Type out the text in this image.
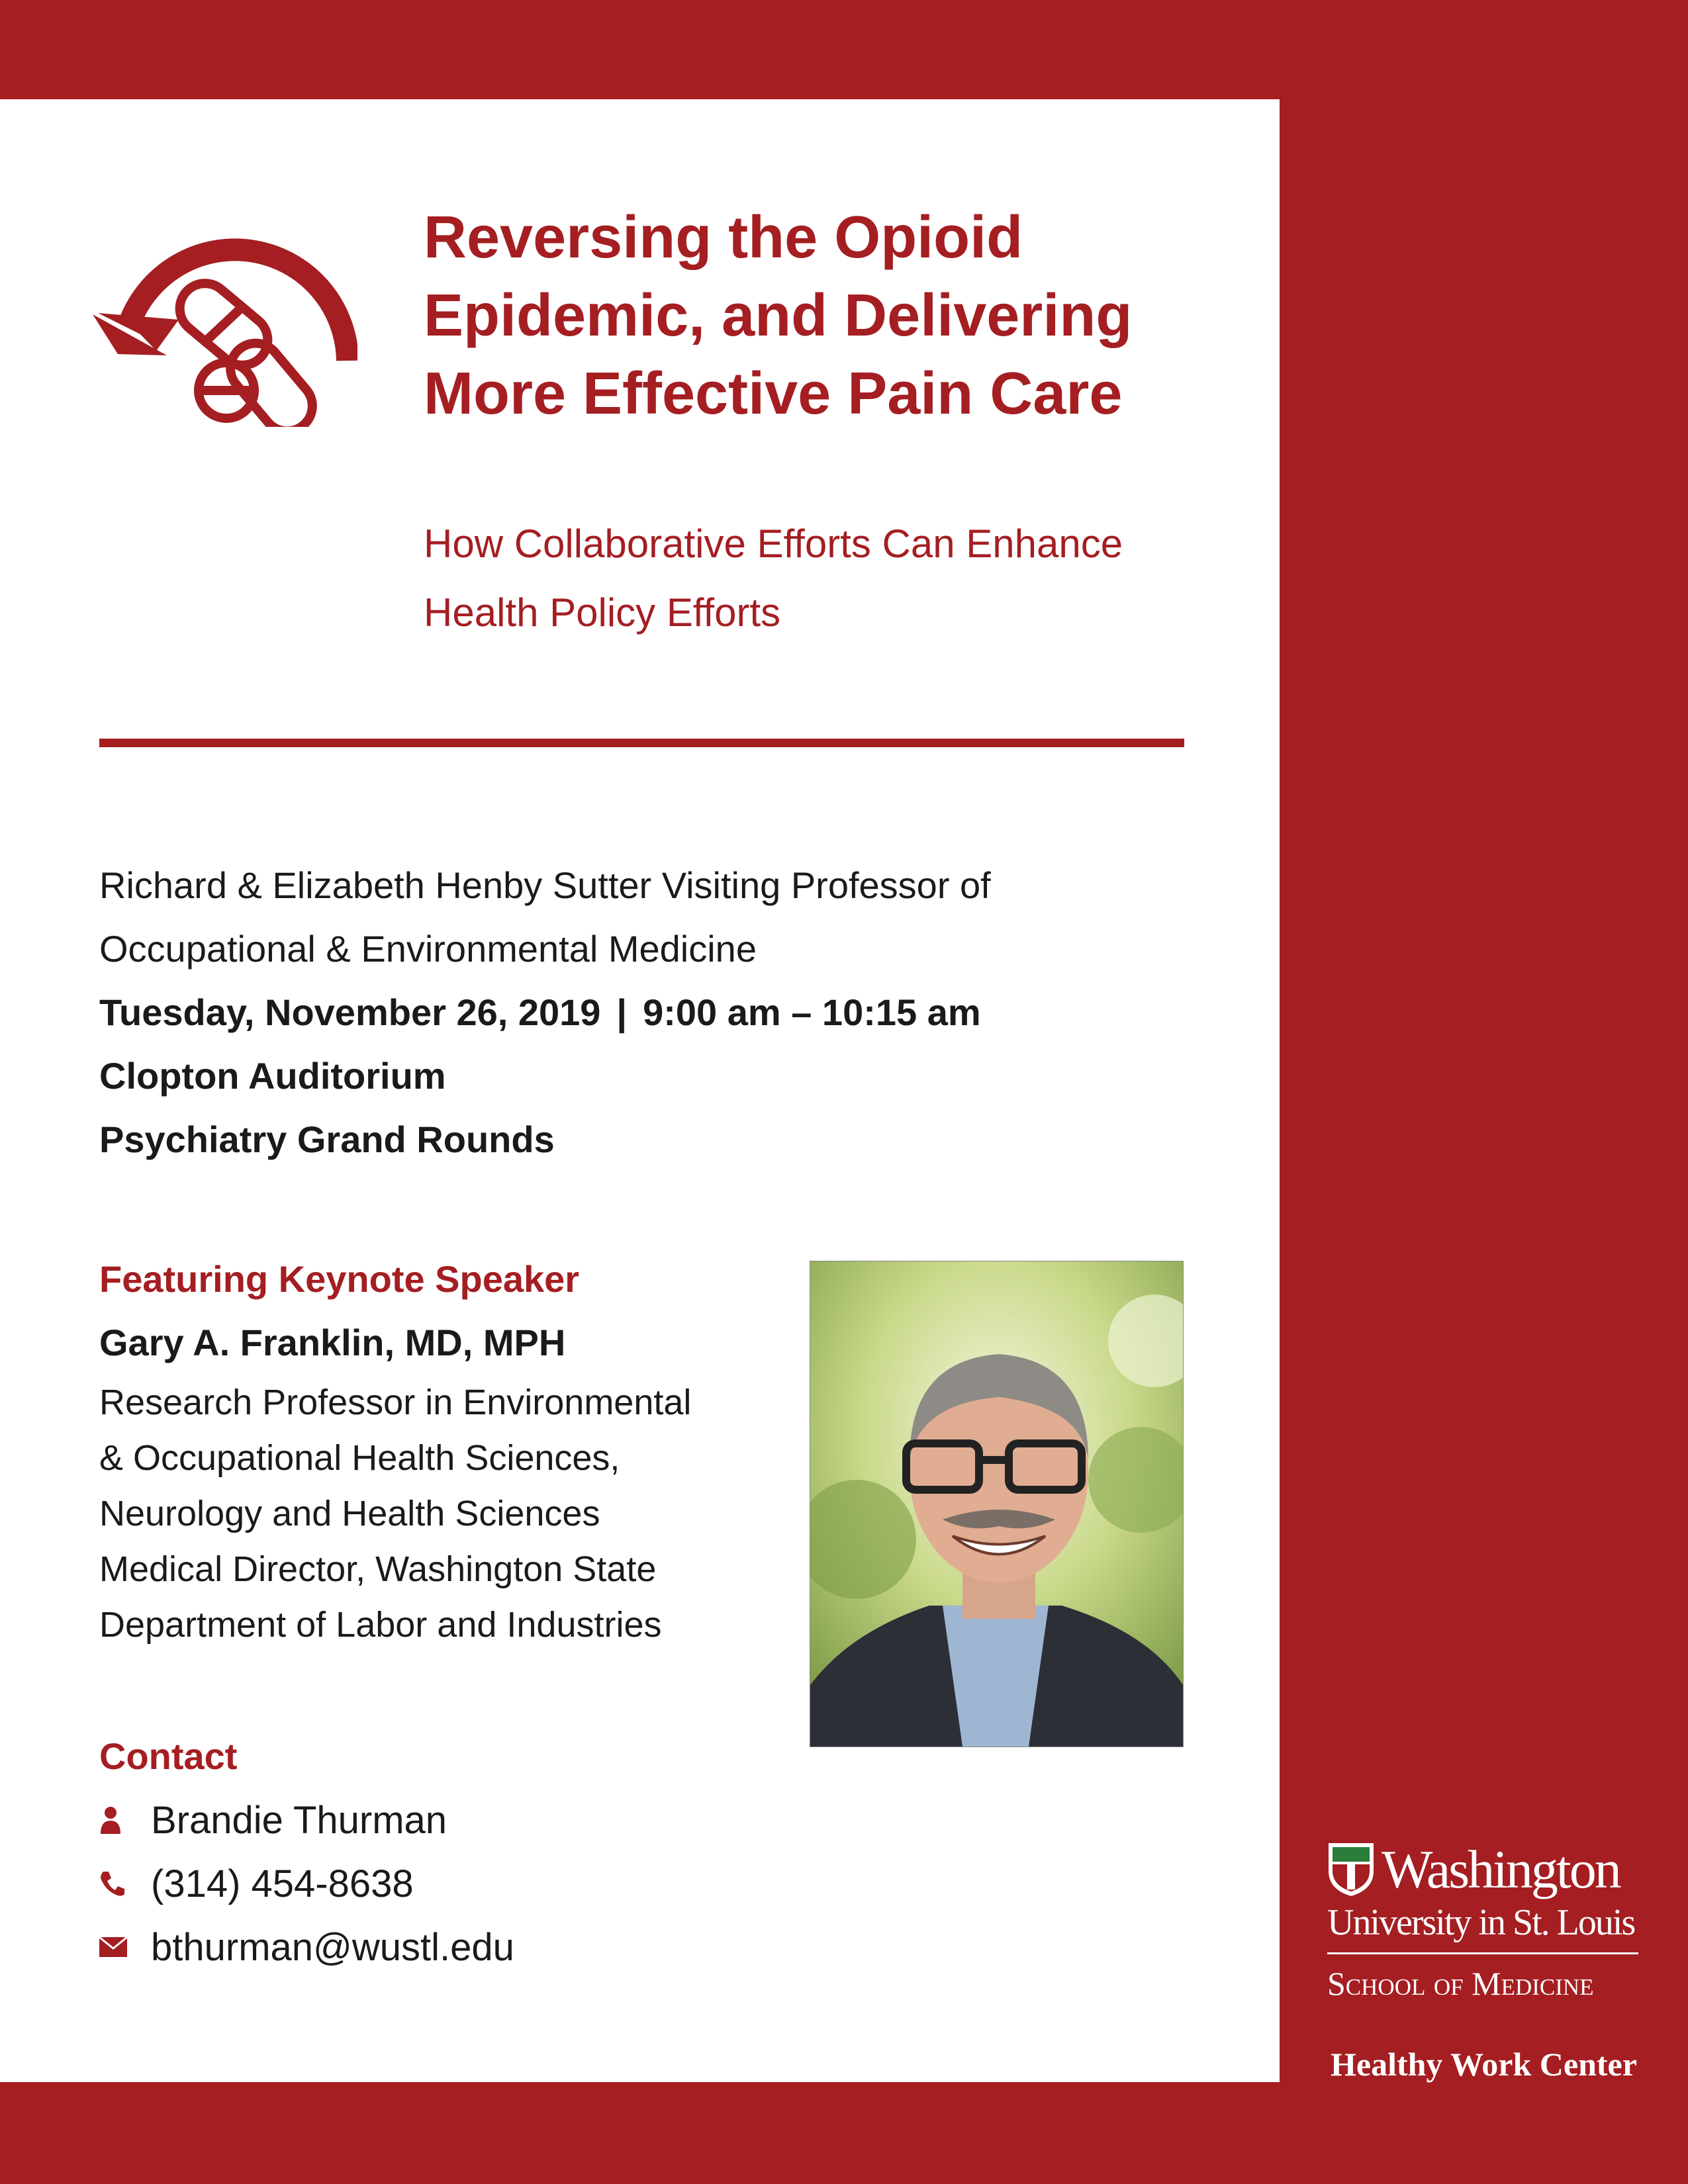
Reversing the Opioid
Epidemic, and Delivering
More Effective Pain Care
How Collaborative Efforts Can Enhance
Health Policy Efforts
Richard & Elizabeth Henby Sutter Visiting Professor of
Occupational & Environmental Medicine
Tuesday, November 26, 2019 | 9:00 am – 10:15 am
Clopton Auditorium
Psychiatry Grand Rounds
Featuring Keynote Speaker
Gary A. Franklin, MD, MPH
Research Professor in Environmental
& Occupational Health Sciences,
Neurology and Health Sciences
Medical Director, Washington State
Department of Labor and Industries
Contact
Brandie Thurman
(314) 454-8638
bthurman@wustl.edu
Washington
University in St. Louis
School of Medicine
Healthy Work Center
